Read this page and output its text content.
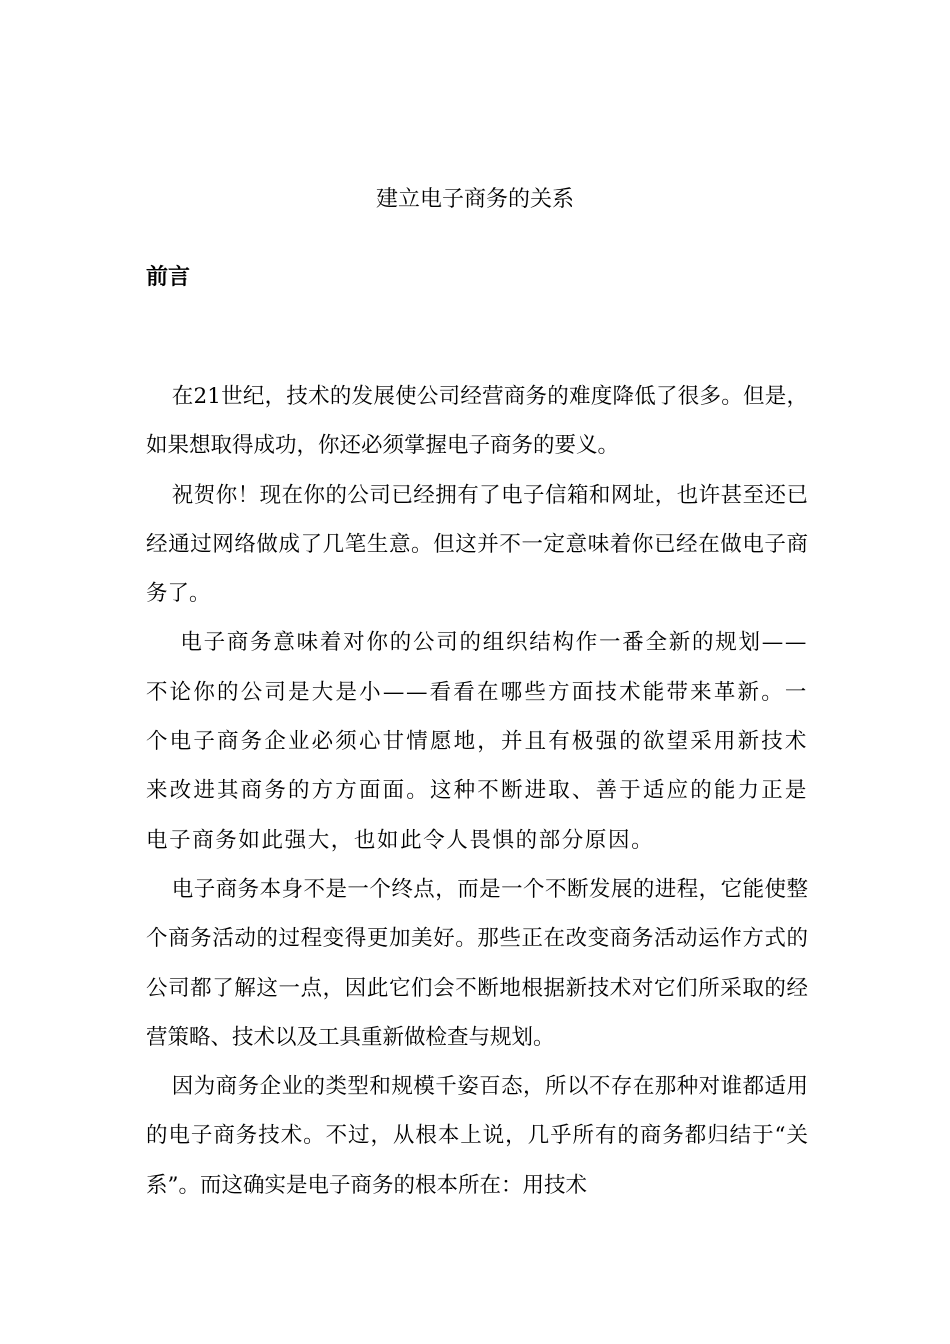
建立电子商务的关系
前言

在21世纪，技术的发展使公司经营商务的难度降低了很多。但是，如果想取得成功，你还必须掌握电子商务的要义。

祝贺你！现在你的公司已经拥有了电子信箱和网址，也许甚至还已经通过网络做成了几笔生意。但这并不一定意味着你已经在做电子商务了。

电子商务意味着对你的公司的组织结构作一番全新的规划——不论你的公司是大是小——看看在哪些方面技术能带来革新。一个电子商务企业必须心甘情愿地，并且有极强的欲望采用新技术来改进其商务的方方面面。这种不断进取、善于适应的能力正是电子商务如此强大，也如此令人畏惧的部分原因。

电子商务本身不是一个终点，而是一个不断发展的进程，它能使整个商务活动的过程变得更加美好。那些正在改变商务活动运作方式的公司都了解这一点，因此它们会不断地根据新技术对它们所采取的经营策略、技术以及工具重新做检查与规划。

因为商务企业的类型和规模千姿百态，所以不存在那种对谁都适用的电子商务技术。不过，从根本上说，几乎所有的商务都归结于“关系”。而这确实是电子商务的根本所在：用技术
